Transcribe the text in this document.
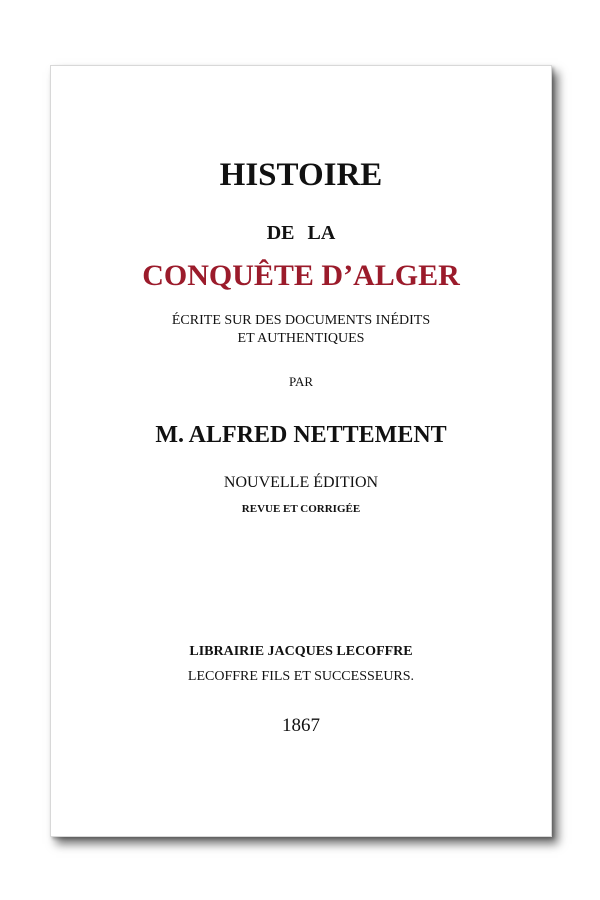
HISTOIRE
DE LA
CONQUÊTE D’ALGER
ÉCRITE SUR DES DOCUMENTS INÉDITS
ET AUTHENTIQUES
PAR
M. ALFRED NETTEMENT
NOUVELLE ÉDITION
REVUE ET CORRIGÉE
LIBRAIRIE JACQUES LECOFFRE
LECOFFRE FILS ET SUCCESSEURS.
1867
